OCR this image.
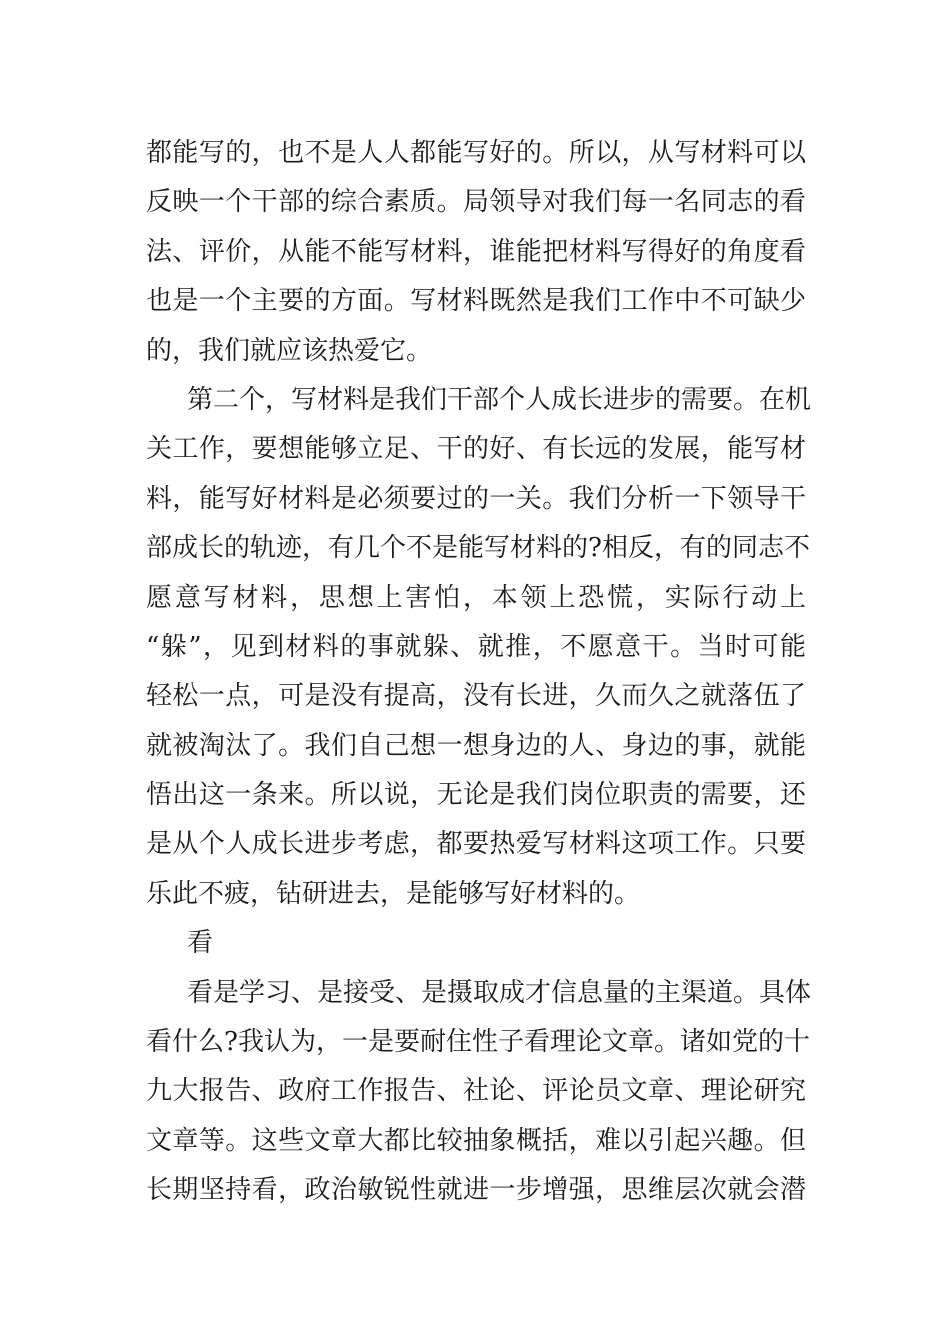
都能写的，也不是人人都能写好的。所以，从写材料可以
反映一个干部的综合素质。局领导对我们每一名同志的看
法、评价，从能不能写材料，谁能把材料写得好的角度看
也是一个主要的方面。写材料既然是我们工作中不可缺少
的，我们就应该热爱它。
第二个，写材料是我们干部个人成长进步的需要。在机
关工作，要想能够立足、干的好、有长远的发展，能写材
料，能写好材料是必须要过的一关。我们分析一下领导干
部成长的轨迹，有几个不是能写材料的?相反，有的同志不
愿意写材料，思想上害怕，本领上恐慌，实际行动上
“躲”，见到材料的事就躲、就推，不愿意干。当时可能
轻松一点，可是没有提高，没有长进，久而久之就落伍了
就被淘汰了。我们自己想一想身边的人、身边的事，就能
悟出这一条来。所以说，无论是我们岗位职责的需要，还
是从个人成长进步考虑，都要热爱写材料这项工作。只要
乐此不疲，钻研进去，是能够写好材料的。
看
看是学习、是接受、是摄取成才信息量的主渠道。具体
看什么?我认为，一是要耐住性子看理论文章。诸如党的十
九大报告、政府工作报告、社论、评论员文章、理论研究
文章等。这些文章大都比较抽象概括，难以引起兴趣。但
长期坚持看，政治敏锐性就进一步增强，思维层次就会潜
